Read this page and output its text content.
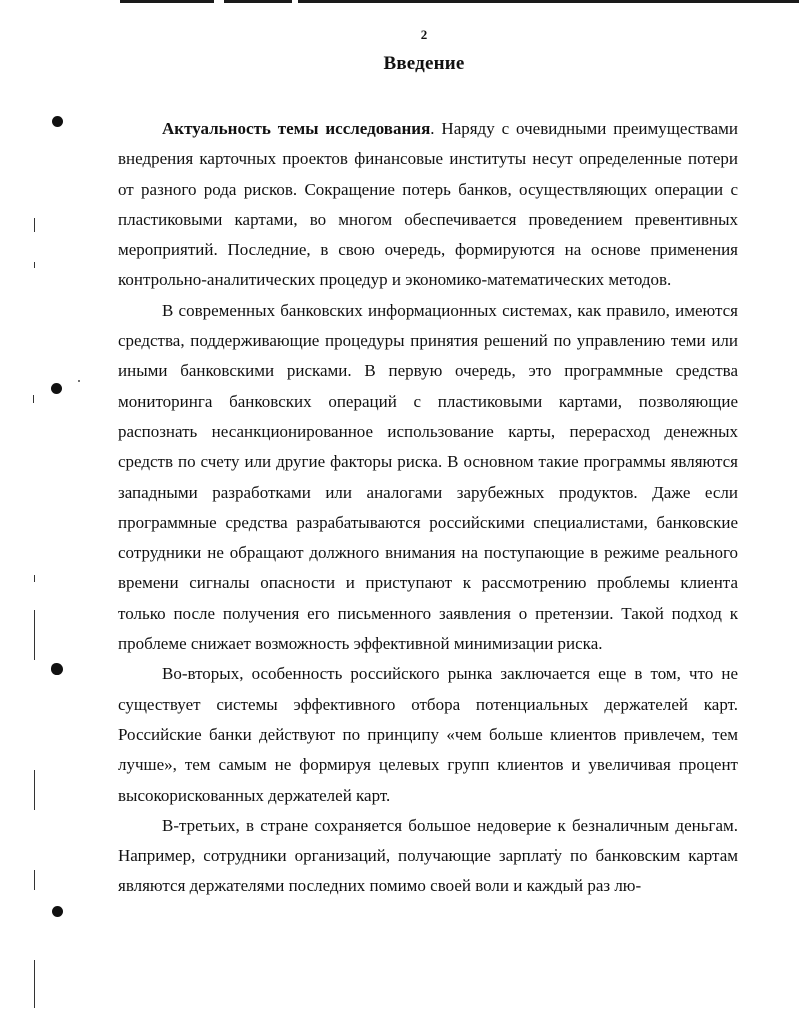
2
Введение

Актуальность темы исследования. Наряду с очевидными преимуществами внедрения карточных проектов финансовые институты несут определенные потери от разного рода рисков. Сокращение потерь банков, осуществляющих операции с пластиковыми картами, во многом обеспечивается проведением превентивных мероприятий. Последние, в свою очередь, формируются на основе применения контрольно-аналитических процедур и экономико-математических методов.

В современных банковских информационных системах, как правило, имеются средства, поддерживающие процедуры принятия решений по управлению теми или иными банковскими рисками. В первую очередь, это программные средства мониторинга банковских операций с пластиковыми картами, позволяющие распознать несанкционированное использование карты, перерасход денежных средств по счету или другие факторы риска. В основном такие программы являются западными разработками или аналогами зарубежных продуктов. Даже если программные средства разрабатываются российскими специалистами, банковские сотрудники не обращают должного внимания на поступающие в режиме реального времени сигналы опасности и приступают к рассмотрению проблемы клиента только после получения его письменного заявления о претензии. Такой подход к проблеме снижает возможность эффективной минимизации риска.

Во-вторых, особенность российского рынка заключается еще в том, что не существует системы эффективного отбора потенциальных держателей карт. Российские банки действуют по принципу «чем больше клиентов привлечем, тем лучше», тем самым не формируя целевых групп клиентов и увеличивая процент высокорискованных держателей карт.

В-третьих, в стране сохраняется большое недоверие к безналичным деньгам. Например, сотрудники организаций, получающие зарплату по банковским картам являются держателями последних помимо своей воли и каждый раз лю-
